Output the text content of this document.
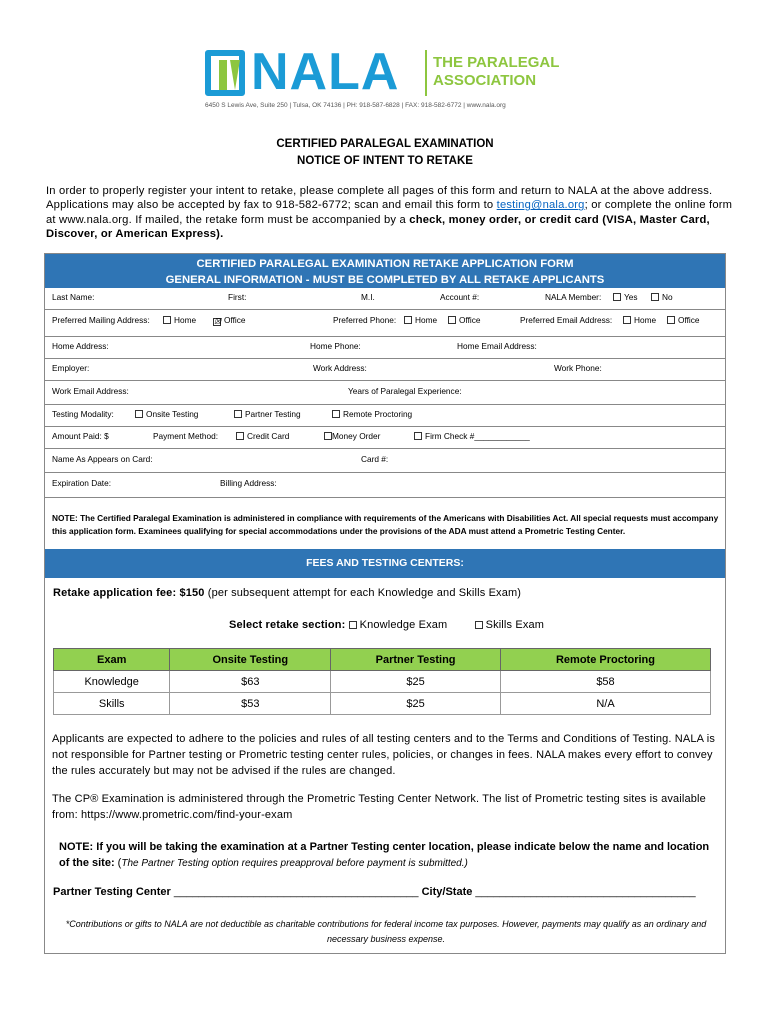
NALA THE PARALEGAL
ASSOCIATION
6450 S Lewis Ave, Suite 250 | Tulsa, OK 74136 | PH: 918-587-6828 | FAX: 918-582-6772 | www.nala.org
CERTIFIED PARALEGAL EXAMINATION
NOTICE OF INTENT TO RETAKE
In order to properly register your intent to retake, please complete all pages of this form and return to NALA at the above address. Applications may also be accepted by fax to 918-582-6772; scan and email this form to testing@nala.org; or complete the online form at www.nala.org. If mailed, the retake form must be accompanied by a check, money order, or credit card (VISA, Master Card, Discover, or American Express).
CERTIFIED PARALEGAL EXAMINATION RETAKE APPLICATION FORM
GENERAL INFORMATION - MUST BE COMPLETED BY ALL RETAKE APPLICANTS
Last Name:	First:	M.I.	Account #:	NALA Member:	Yes	No
Preferred Mailing Address:	Home ☒ Office	Preferred Phone:	Home	Office	Preferred Email Address:	Home	Office
Home Address:	Home Phone:	Home Email Address:
Employer:	Work Address:	Work Phone:
Work Email Address:	Years of Paralegal Experience:
Testing Modality:	Onsite Testing	Partner Testing	Remote Proctoring
Amount Paid: $	Payment Method:	Credit Card	Money Order	Firm Check #____________
Name As Appears on Card:	Card #:
Expiration Date:	Billing Address:
NOTE: The Certified Paralegal Examination is administered in compliance with requirements of the Americans with Disabilities Act. All special requests must accompany this application form. Examinees qualifying for special accommodations under the provisions of the ADA must attend a Prometric Testing Center.
FEES AND TESTING CENTERS:
Retake application fee: $150 (per subsequent attempt for each Knowledge and Skills Exam)
Select retake section: Knowledge Exam	Skills Exam
Exam	Onsite Testing	Partner Testing	Remote Proctoring
Knowledge	$63	$25	$58
Skills	$53	$25	N/A
Applicants are expected to adhere to the policies and rules of all testing centers and to the Terms and Conditions of Testing. NALA is not responsible for Partner testing or Prometric testing center rules, policies, or changes in fees. NALA makes every effort to convey the rules accurately but may not be advised if the rules are changed.
The CP® Examination is administered through the Prometric Testing Center Network. The list of Prometric testing sites is available from: https://www.prometric.com/find-your-exam
NOTE: If you will be taking the examination at a Partner Testing center location, please indicate below the name and location of the site: (The Partner Testing option requires preapproval before payment is submitted.)
Partner Testing Center ________________________________________ City/State ____________________________________
*Contributions or gifts to NALA are not deductible as charitable contributions for federal income tax purposes. However, payments may qualify as an ordinary and necessary business expense.
